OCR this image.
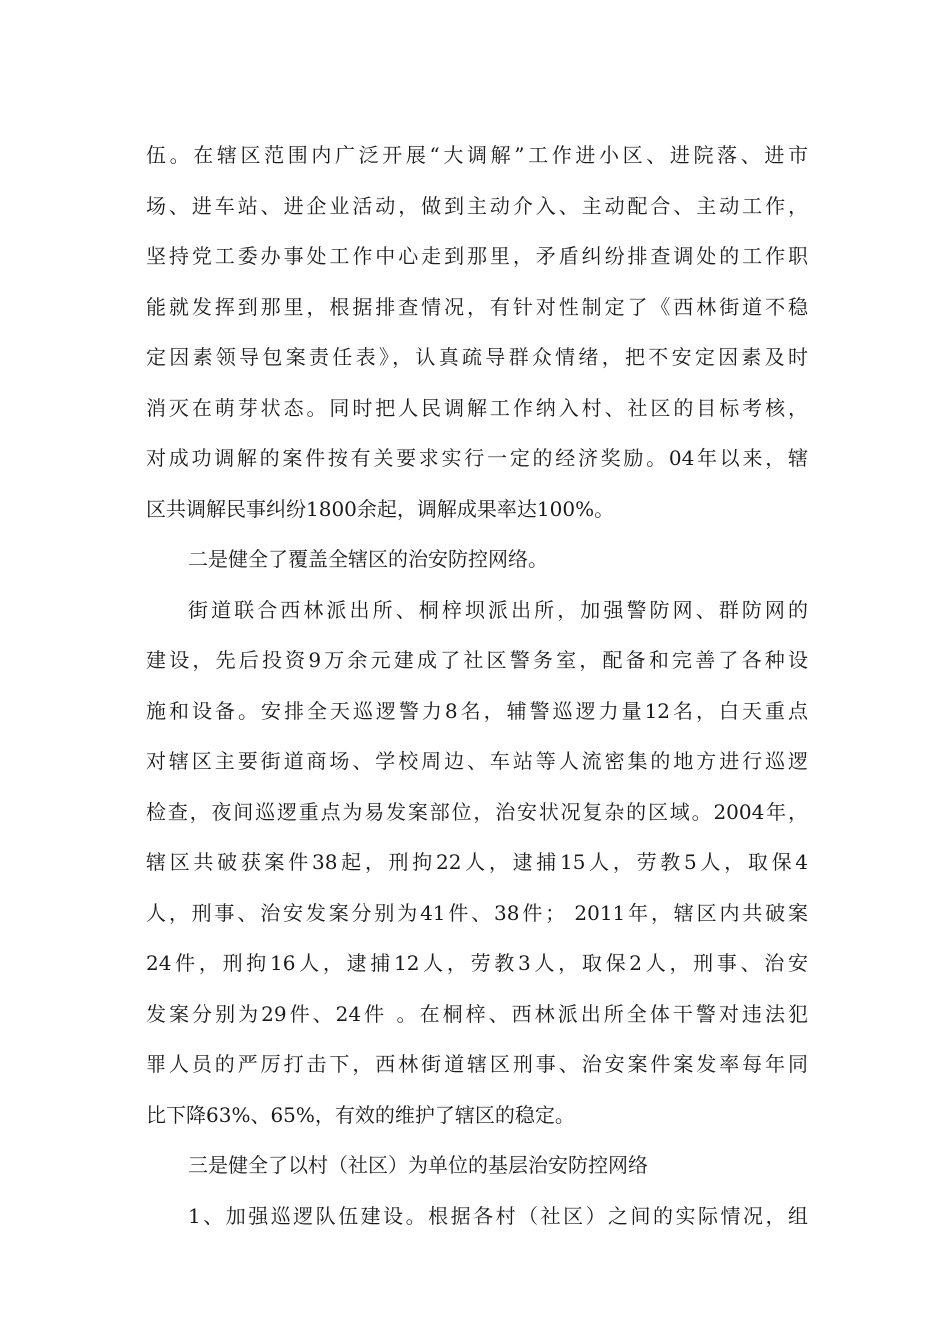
伍。在辖区范围内广泛开展“大调解”工作进小区、进院落、进市
场、进车站、进企业活动，做到主动介入、主动配合、主动工作，
坚持党工委办事处工作中心走到那里，矛盾纠纷排查调处的工作职
能就发挥到那里，根据排查情况，有针对性制定了《西林街道不稳
定因素领导包案责任表》，认真疏导群众情绪，把不安定因素及时
消灭在萌芽状态。同时把人民调解工作纳入村、社区的目标考核，
对成功调解的案件按有关要求实行一定的经济奖励。04年以来，辖
区共调解民事纠纷1800余起，调解成果率达100%。
二是健全了覆盖全辖区的治安防控网络。
街道联合西林派出所、桐梓坝派出所，加强警防网、群防网的
建设，先后投资9万余元建成了社区警务室，配备和完善了各种设
施和设备。安排全天巡逻警力8名，辅警巡逻力量12名，白天重点
对辖区主要街道商场、学校周边、车站等人流密集的地方进行巡逻
检查，夜间巡逻重点为易发案部位，治安状况复杂的区域。2004年，
辖区共破获案件38起，刑拘22人，逮捕15人，劳教5人，取保4
人，刑事、治安发案分别为41件、38件； 2011年，辖区内共破案
24件，刑拘16人，逮捕12人，劳教3人，取保2人，刑事、治安
发案分别为29件、24件 。在桐梓、西林派出所全体干警对违法犯
罪人员的严厉打击下，西林街道辖区刑事、治安案件案发率每年同
比下降63%、65%，有效的维护了辖区的稳定。
三是健全了以村（社区）为单位的基层治安防控网络
1、加强巡逻队伍建设。根据各村（社区）之间的实际情况，组
